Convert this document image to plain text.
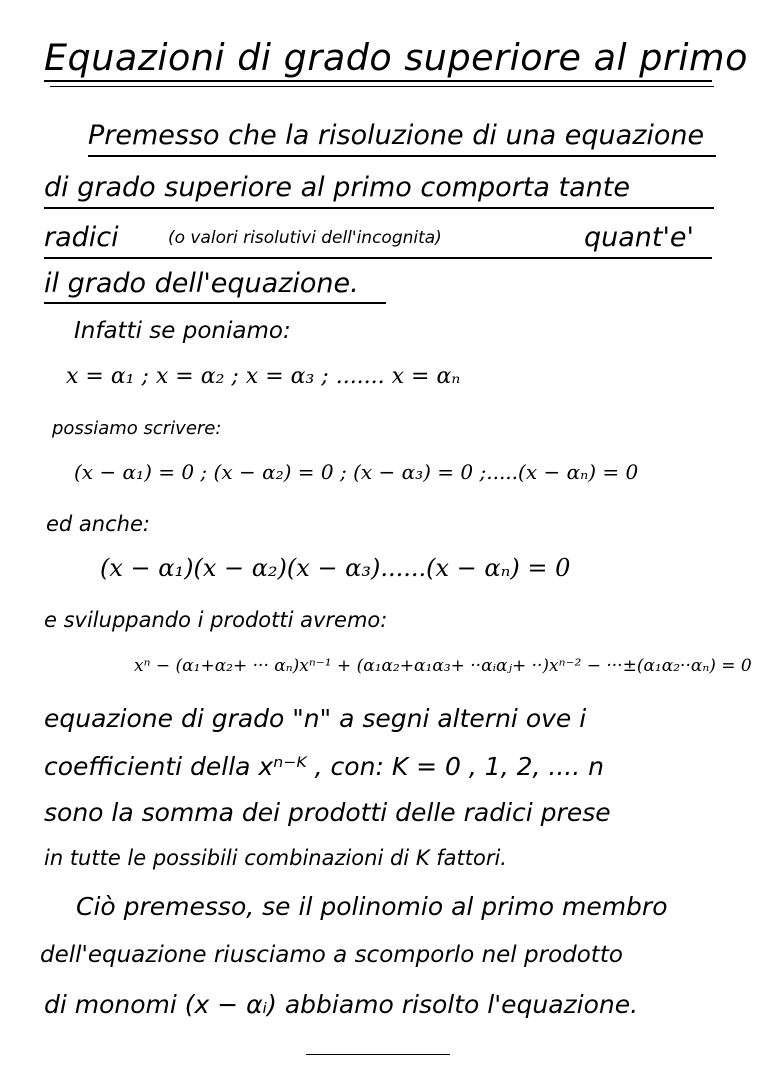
Equazioni di grado superiore al primo
Premesso che la risoluzione di una equazione
di grado superiore al primo comporta tante
radici	(o valori risolutivi dell'incognita)	quant'e'
il grado dell'equazione.
Infatti se poniamo:
x = α₁ ; x = α₂ ; x = α₃ ; ....... x = αₙ
possiamo scrivere:
(x − α₁) = 0 ; (x − α₂) = 0 ; (x − α₃) = 0 ;.....(x − αₙ) = 0
ed anche:
(x − α₁)(x − α₂)(x − α₃)......(x − αₙ) = 0
e sviluppando i prodotti avremo:
xⁿ − (α₁+α₂+ ··· αₙ)xⁿ⁻¹ + (α₁α₂+α₁α₃+ ··αᵢαⱼ+ ··)xⁿ⁻² − ···±(α₁α₂··αₙ) = 0
equazione di grado "n" a segni alterni ove i
coefficienti della xⁿ⁻ᴷ , con: K = 0 , 1, 2, .... n
sono la somma dei prodotti delle radici prese
in tutte le possibili combinazioni di K fattori.
Ciò premesso, se il polinomio al primo membro
dell'equazione riusciamo a scomporlo nel prodotto
di monomi (x − αᵢ) abbiamo risolto l'equazione.
